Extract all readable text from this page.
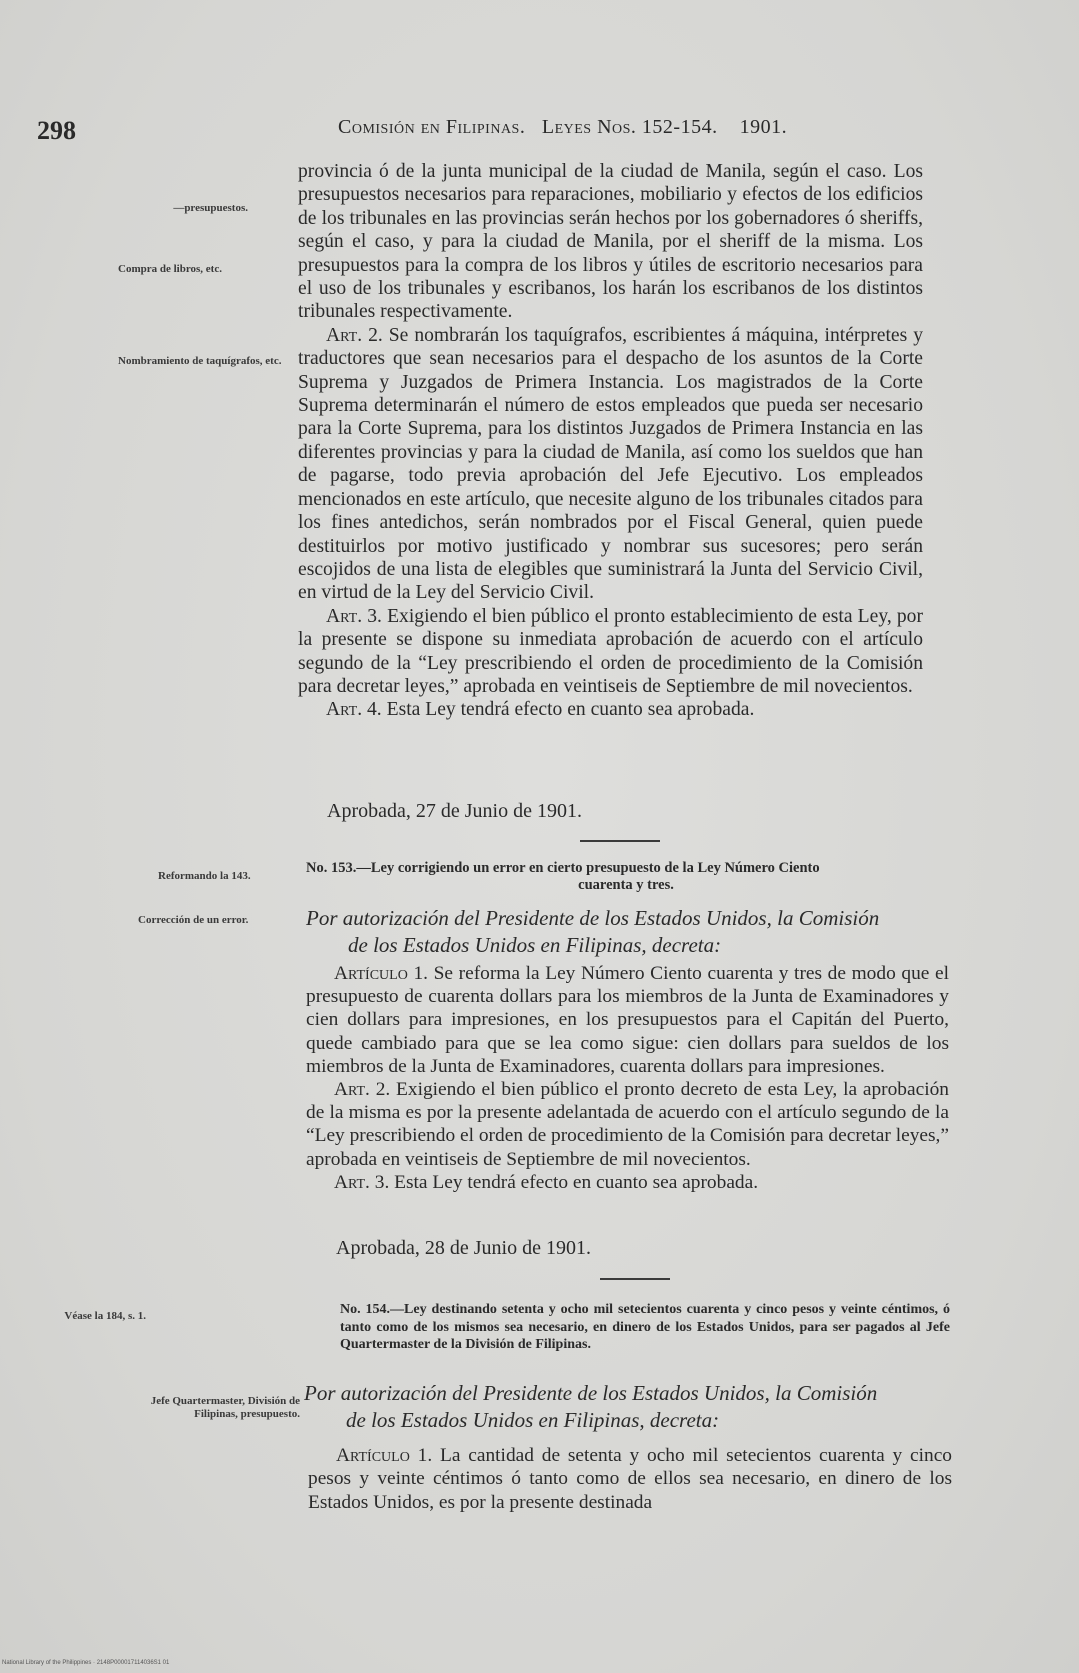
298	Comisión en Filipinas. Leyes Nos. 152-154. 1901.
—presupuestos.
Compra de libros, etc.
Nombramiento de taquígrafos, etc.
Reformando la 143.
Corrección de un error.
Véase la 184, s. 1.
Jefe Quartermaster, División de Filipinas, presupuesto.

provincia ó de la junta municipal de la ciudad de Manila, según el caso. Los presupuestos necesarios para reparaciones, mobiliario y efectos de los edificios de los tribunales en las provincias serán hechos por los gobernadores ó sheriffs, según el caso, y para la ciudad de Manila, por el sheriff de la misma. Los presupuestos para la compra de los libros y útiles de escritorio necesarios para el uso de los tribunales y escribanos, los harán los escribanos de los distintos tribunales respectivamente.

Art. 2. Se nombrarán los taquígrafos, escribientes á máquina, intérpretes y traductores que sean necesarios para el despacho de los asuntos de la Corte Suprema y Juzgados de Primera Instancia. Los magistrados de la Corte Suprema determinarán el número de estos empleados que pueda ser necesario para la Corte Suprema, para los distintos Juzgados de Primera Instancia en las diferentes provincias y para la ciudad de Manila, así como los sueldos que han de pagarse, todo previa aprobación del Jefe Ejecutivo. Los empleados mencionados en este artículo, que necesite alguno de los tribunales citados para los fines antedichos, serán nombrados por el Fiscal General, quien puede destituirlos por motivo justificado y nombrar sus sucesores; pero serán escojidos de una lista de elegibles que suministrará la Junta del Servicio Civil, en virtud de la Ley del Servicio Civil.

Art. 3. Exigiendo el bien público el pronto establecimiento de esta Ley, por la presente se dispone su inmediata aprobación de acuerdo con el artículo segundo de la “Ley prescribiendo el orden de procedimiento de la Comisión para decretar leyes,” aprobada en veintiseis de Septiembre de mil novecientos.

Art. 4. Esta Ley tendrá efecto en cuanto sea aprobada.

Aprobada, 27 de Junio de 1901.
No. 153.—Ley corrigiendo un error en cierto presupuesto de la Ley Número Ciento
cuarenta y tres.
Por autorización del Presidente de los Estados Unidos, la Comisión
de los Estados Unidos en Filipinas, decreta:

Artículo 1. Se reforma la Ley Número Ciento cuarenta y tres de modo que el presupuesto de cuarenta dollars para los miembros de la Junta de Examinadores y cien dollars para impresiones, en los presupuestos para el Capitán del Puerto, quede cambiado para que se lea como sigue: cien dollars para sueldos de los miembros de la Junta de Examinadores, cuarenta dollars para impresiones.

Art. 2. Exigiendo el bien público el pronto decreto de esta Ley, la aprobación de la misma es por la presente adelantada de acuerdo con el artículo segundo de la “Ley prescribiendo el orden de procedimiento de la Comisión para decretar leyes,” aprobada en veintiseis de Septiembre de mil novecientos.

Art. 3. Esta Ley tendrá efecto en cuanto sea aprobada.

Aprobada, 28 de Junio de 1901.
No. 154.—Ley destinando setenta y ocho mil setecientos cuarenta y cinco pesos y veinte céntimos, ó tanto como de los mismos sea necesario, en dinero de los Estados Unidos, para ser pagados al Jefe Quartermaster de la División de Filipinas.
Por autorización del Presidente de los Estados Unidos, la Comisión
de los Estados Unidos en Filipinas, decreta:

Artículo 1. La cantidad de setenta y ocho mil setecientos cuarenta y cinco pesos y veinte céntimos ó tanto como de ellos sea necesario, en dinero de los Estados Unidos, es por la presente destinada

National Library of the Philippines · 2148P000017114036S1 01
